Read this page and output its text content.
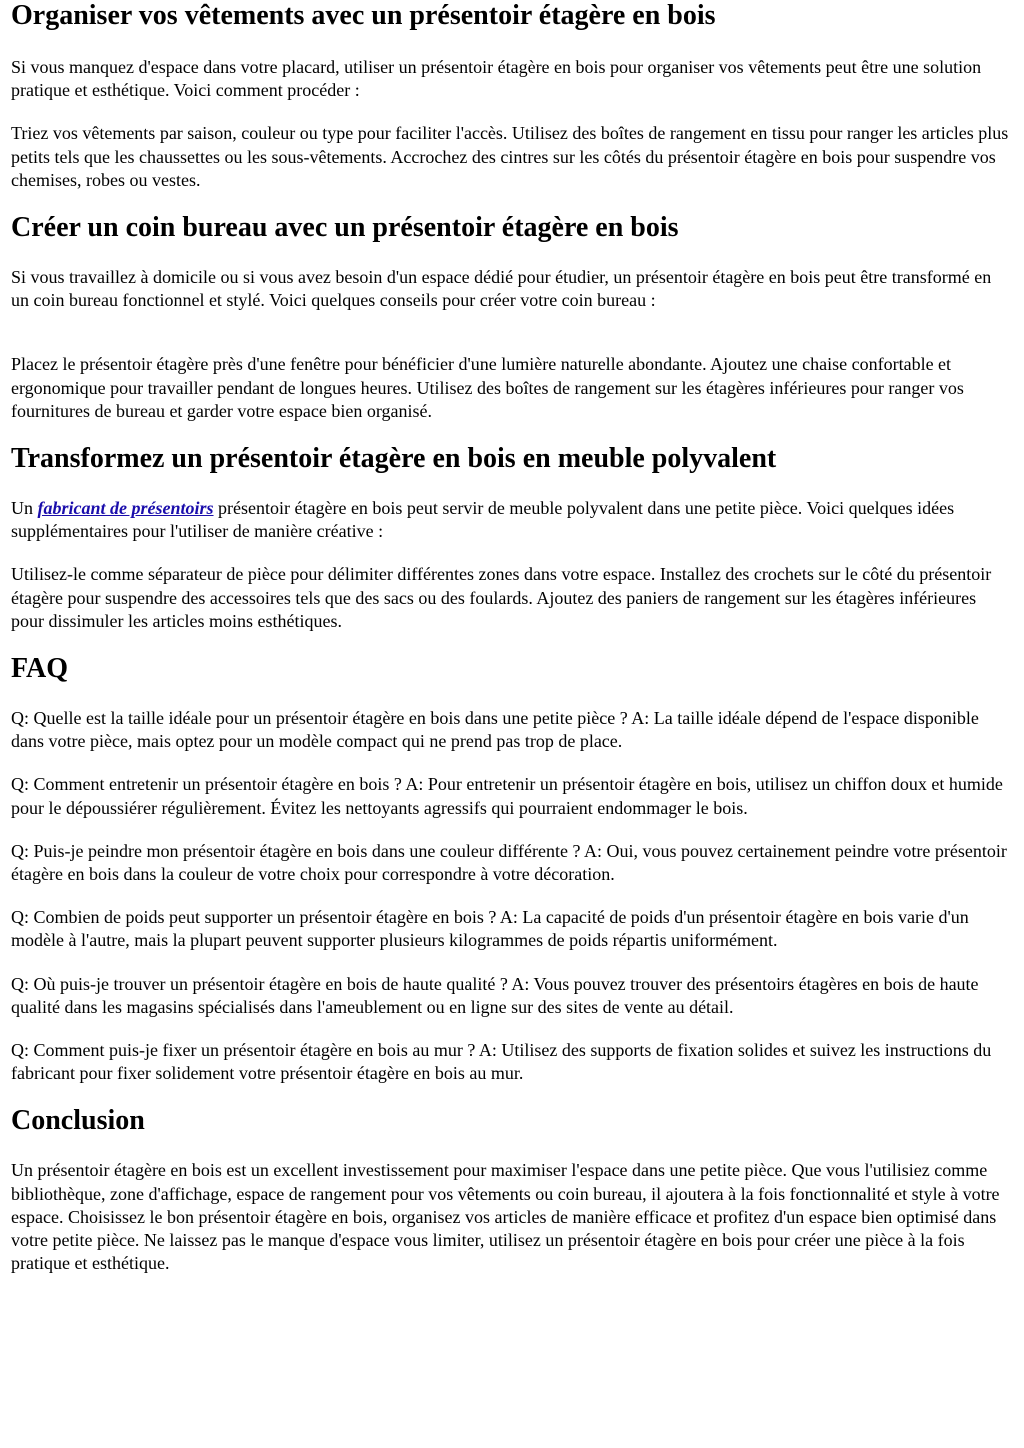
Organiser vos vêtements avec un présentoir étagère en bois

Si vous manquez d'espace dans votre placard, utiliser un présentoir étagère en bois pour organiser vos vêtements peut être une solution pratique et esthétique. Voici comment procéder :

Triez vos vêtements par saison, couleur ou type pour faciliter l'accès. Utilisez des boîtes de rangement en tissu pour ranger les articles plus petits tels que les chaussettes ou les sous-vêtements. Accrochez des cintres sur les côtés du présentoir étagère en bois pour suspendre vos chemises, robes ou vestes.

Créer un coin bureau avec un présentoir étagère en bois

Si vous travaillez à domicile ou si vous avez besoin d'un espace dédié pour étudier, un présentoir étagère en bois peut être transformé en un coin bureau fonctionnel et stylé. Voici quelques conseils pour créer votre coin bureau :

Placez le présentoir étagère près d'une fenêtre pour bénéficier d'une lumière naturelle abondante. Ajoutez une chaise confortable et ergonomique pour travailler pendant de longues heures. Utilisez des boîtes de rangement sur les étagères inférieures pour ranger vos fournitures de bureau et garder votre espace bien organisé.

Transformez un présentoir étagère en bois en meuble polyvalent

Un fabricant de présentoirs présentoir étagère en bois peut servir de meuble polyvalent dans une petite pièce. Voici quelques idées supplémentaires pour l'utiliser de manière créative :

Utilisez-le comme séparateur de pièce pour délimiter différentes zones dans votre espace. Installez des crochets sur le côté du présentoir étagère pour suspendre des accessoires tels que des sacs ou des foulards. Ajoutez des paniers de rangement sur les étagères inférieures pour dissimuler les articles moins esthétiques.

FAQ

Q: Quelle est la taille idéale pour un présentoir étagère en bois dans une petite pièce ? A: La taille idéale dépend de l'espace disponible dans votre pièce, mais optez pour un modèle compact qui ne prend pas trop de place.

Q: Comment entretenir un présentoir étagère en bois ? A: Pour entretenir un présentoir étagère en bois, utilisez un chiffon doux et humide pour le dépoussiérer régulièrement. Évitez les nettoyants agressifs qui pourraient endommager le bois.

Q: Puis-je peindre mon présentoir étagère en bois dans une couleur différente ? A: Oui, vous pouvez certainement peindre votre présentoir étagère en bois dans la couleur de votre choix pour correspondre à votre décoration.

Q: Combien de poids peut supporter un présentoir étagère en bois ? A: La capacité de poids d'un présentoir étagère en bois varie d'un modèle à l'autre, mais la plupart peuvent supporter plusieurs kilogrammes de poids répartis uniformément.

Q: Où puis-je trouver un présentoir étagère en bois de haute qualité ? A: Vous pouvez trouver des présentoirs étagères en bois de haute qualité dans les magasins spécialisés dans l'ameublement ou en ligne sur des sites de vente au détail.

Q: Comment puis-je fixer un présentoir étagère en bois au mur ? A: Utilisez des supports de fixation solides et suivez les instructions du fabricant pour fixer solidement votre présentoir étagère en bois au mur.

Conclusion

Un présentoir étagère en bois est un excellent investissement pour maximiser l'espace dans une petite pièce. Que vous l'utilisiez comme bibliothèque, zone d'affichage, espace de rangement pour vos vêtements ou coin bureau, il ajoutera à la fois fonctionnalité et style à votre espace. Choisissez le bon présentoir étagère en bois, organisez vos articles de manière efficace et profitez d'un espace bien optimisé dans votre petite pièce. Ne laissez pas le manque d'espace vous limiter, utilisez un présentoir étagère en bois pour créer une pièce à la fois pratique et esthétique.
